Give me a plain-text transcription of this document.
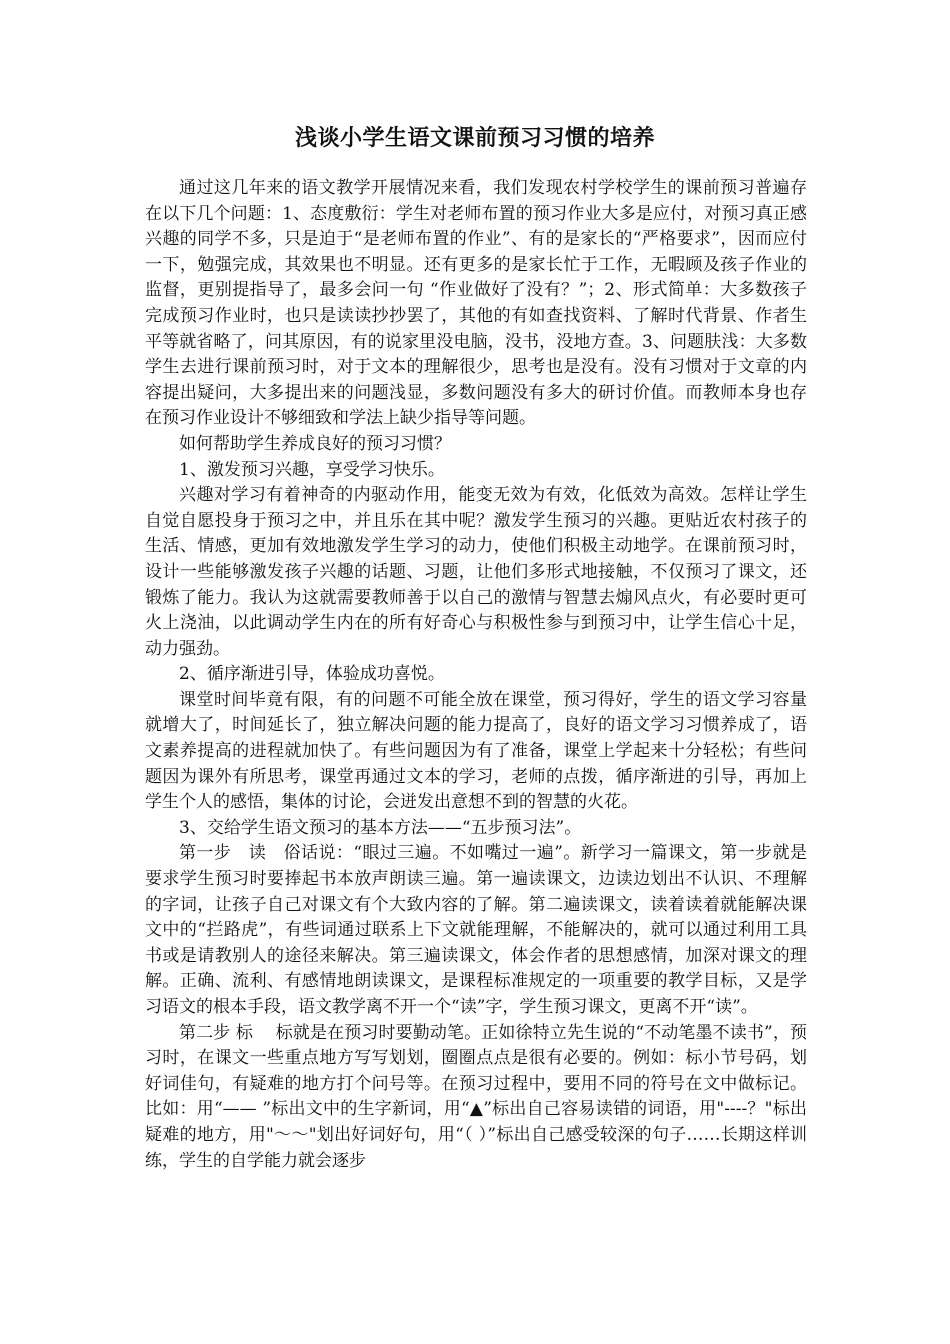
浅谈小学生语文课前预习习惯的培养

通过这几年来的语文教学开展情况来看，我们发现农村学校学生的课前预习普遍存在以下几个问题：1、态度敷衍：学生对老师布置的预习作业大多是应付，对预习真正感兴趣的同学不多，只是迫于“是老师布置的作业”、有的是家长的“严格要求”，因而应付一下，勉强完成，其效果也不明显。还有更多的是家长忙于工作，无暇顾及孩子作业的监督，更别提指导了，最多会问一句 “作业做好了没有？”；2、形式简单：大多数孩子完成预习作业时，也只是读读抄抄罢了，其他的有如查找资料、了解时代背景、作者生平等就省略了，问其原因，有的说家里没电脑，没书，没地方查。3、问题肤浅：大多数学生去进行课前预习时，对于文本的理解很少，思考也是没有。没有习惯对于文章的内容提出疑问，大多提出来的问题浅显，多数问题没有多大的研讨价值。而教师本身也存在预习作业设计不够细致和学法上缺少指导等问题。

如何帮助学生养成良好的预习习惯？

1、激发预习兴趣，享受学习快乐。

兴趣对学习有着神奇的内驱动作用，能变无效为有效，化低效为高效。怎样让学生自觉自愿投身于预习之中，并且乐在其中呢？激发学生预习的兴趣。更贴近农村孩子的生活、情感，更加有效地激发学生学习的动力，使他们积极主动地学。在课前预习时，设计一些能够激发孩子兴趣的话题、习题，让他们多形式地接触，不仅预习了课文，还锻炼了能力。我认为这就需要教师善于以自己的激情与智慧去煽风点火，有必要时更可火上浇油，以此调动学生内在的所有好奇心与积极性参与到预习中，让学生信心十足，动力强劲。

2、循序渐进引导，体验成功喜悦。

课堂时间毕竟有限，有的问题不可能全放在课堂，预习得好，学生的语文学习容量就增大了，时间延长了，独立解决问题的能力提高了，良好的语文学习习惯养成了，语文素养提高的进程就加快了。有些问题因为有了准备，课堂上学起来十分轻松；有些问题因为课外有所思考，课堂再通过文本的学习，老师的点拨，循序渐进的引导，再加上学生个人的感悟，集体的讨论，会迸发出意想不到的智慧的火花。

3、交给学生语文预习的基本方法——“五步预习法”。

第一步　读　俗话说：“眼过三遍。不如嘴过一遍”。新学习一篇课文，第一步就是要求学生预习时要捧起书本放声朗读三遍。第一遍读课文，边读边划出不认识、不理解的字词，让孩子自己对课文有个大致内容的了解。第二遍读课文，读着读着就能解决课文中的“拦路虎”，有些词通过联系上下文就能理解，不能解决的，就可以通过利用工具书或是请教别人的途径来解决。第三遍读课文，体会作者的思想感情，加深对课文的理解。正确、流利、有感情地朗读课文，是课程标准规定的一项重要的教学目标，又是学习语文的根本手段，语文教学离不开一个“读”字，学生预习课文，更离不开“读”。

第二步 标　 标就是在预习时要勤动笔。正如徐特立先生说的“不动笔墨不读书”，预习时，在课文一些重点地方写写划划，圈圈点点是很有必要的。例如：标小节号码，划好词佳句，有疑难的地方打个问号等。在预习过程中，要用不同的符号在文中做标记。比如：用“—— ”标出文中的生字新词，用“▲”标出自己容易读错的词语，用"----？"标出疑难的地方，用"～～"划出好词好句，用“（ ）”标出自己感受较深的句子……长期这样训练，学生的自学能力就会逐步
